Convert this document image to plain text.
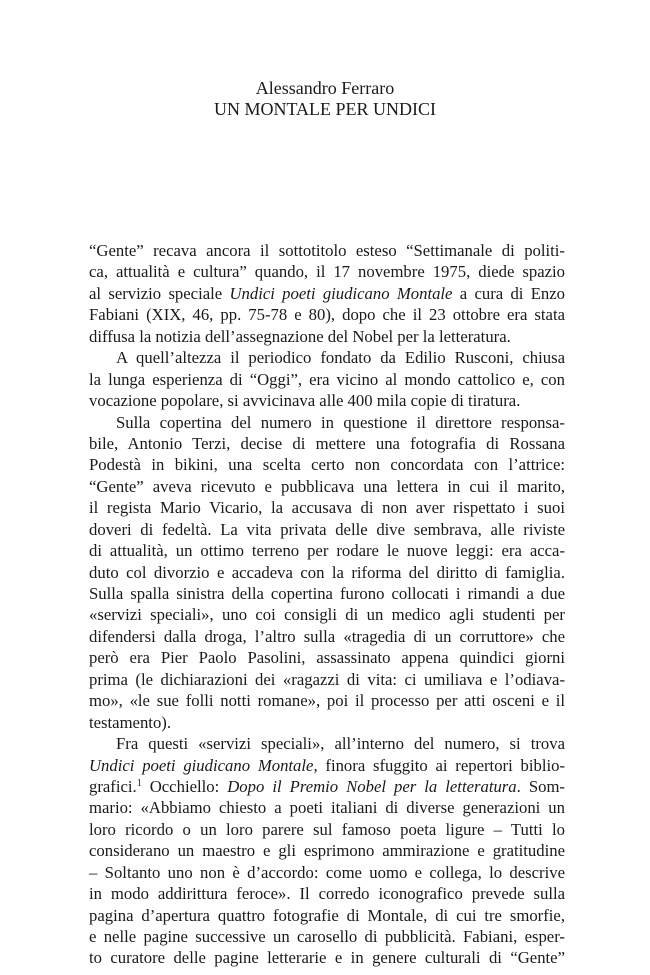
Alessandro Ferraro
UN MONTALE PER UNDICI
“Gente” recava ancora il sottotitolo esteso “Settimanale di politi-
ca, attualità e cultura” quando, il 17 novembre 1975, diede spazio
al servizio speciale Undici poeti giudicano Montale a cura di Enzo
Fabiani (XIX, 46, pp. 75-78 e 80), dopo che il 23 ottobre era stata
diffusa la notizia dell’assegnazione del Nobel per la letteratura.
A quell’altezza il periodico fondato da Edilio Rusconi, chiusa
la lunga esperienza di “Oggi”, era vicino al mondo cattolico e, con
vocazione popolare, si avvicinava alle 400 mila copie di tiratura.
Sulla copertina del numero in questione il direttore responsa-
bile, Antonio Terzi, decise di mettere una fotografia di Rossana
Podestà in bikini, una scelta certo non concordata con l’attrice:
“Gente” aveva ricevuto e pubblicava una lettera in cui il marito,
il regista Mario Vicario, la accusava di non aver rispettato i suoi
doveri di fedeltà. La vita privata delle dive sembrava, alle riviste
di attualità, un ottimo terreno per rodare le nuove leggi: era acca-
duto col divorzio e accadeva con la riforma del diritto di famiglia.
Sulla spalla sinistra della copertina furono collocati i rimandi a due
«servizi speciali», uno coi consigli di un medico agli studenti per
difendersi dalla droga, l’altro sulla «tragedia di un corruttore» che
però era Pier Paolo Pasolini, assassinato appena quindici giorni
prima (le dichiarazioni dei «ragazzi di vita: ci umiliava e l’odiava-
mo», «le sue folli notti romane», poi il processo per atti osceni e il
testamento).
Fra questi «servizi speciali», all’interno del numero, si trova
Undici poeti giudicano Montale, finora sfuggito ai repertori biblio-
grafici.$^1$ Occhiello: Dopo il Premio Nobel per la letteratura. Som-
mario: «Abbiamo chiesto a poeti italiani di diverse generazioni un
loro ricordo o un loro parere sul famoso poeta ligure – Tutti lo
considerano un maestro e gli esprimono ammirazione e gratitudine
– Soltanto uno non è d’accordo: come uomo e collega, lo descrive
in modo addirittura feroce». Il corredo iconografico prevede sulla
pagina d’apertura quattro fotografie di Montale, di cui tre smorfie,
e nelle pagine successive un carosello di pubblicità. Fabiani, esper-
to curatore delle pagine letterarie e in genere culturali di “Gente”
